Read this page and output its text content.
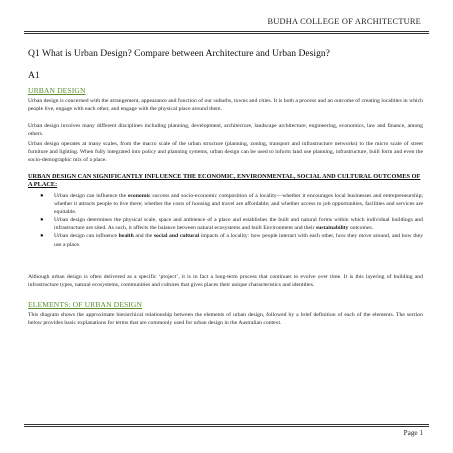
BUDHA COLLEGE OF ARCHITECTURE
Q1 What is Urban Design? Compare between Architecture and Urban Design?
A1
URBAN DESIGN
Urban design is concerned with the arrangement, appearance and function of our suburbs, towns and cities. It is both a process and an outcome of creating localities in which people live, engage with each other, and engage with the physical place around them.
Urban design involves many different disciplines including planning, development, architecture, landscape architecture, engineering, economics, law and finance, among others.
Urban design operates at many scales, from the macro scale of the urban structure (planning, zoning, transport and infrastructure networks) to the micro scale of street furniture and lighting. When fully integrated into policy and planning systems, urban design can be used to inform land use planning, infrastructure, built form and even the socio-demographic mix of a place.
URBAN DESIGN CAN SIGNIFICANTLY INFLUENCE THE ECONOMIC, ENVIRONMENTAL, SOCIAL AND CULTURAL OUTCOMES OF A PLACE:
● Urban design can influence the economic success and socio-economic composition of a locality—whether it encourages local businesses and entrepreneurship; whether it attracts people to live there; whether the costs of housing and travel are affordable; and whether access to job opportunities, facilities and services are equitable.
● Urban design determines the physical scale, space and ambience of a place and establishes the built and natural forms within which individual buildings and infrastructure are sited. As such, it affects the balance between natural ecosystems and built Environment and their sustainability outcomes.
● Urban design can influence health and the social and cultural impacts of a locality: how people interact with each other, how they move around, and how they use a place.
Although urban design is often delivered as a specific ‘project’, it is in fact a long-term process that continues to evolve over time. It is this layering of building and infrastructure types, natural ecosystems, communities and cultures that gives places their unique characteristics and identities.
ELEMENTS: OF URBAN DESIGN
This diagram shows the approximate hierarchical relationship between the elements of urban design, followed by a brief definition of each of the elements. The section below provides basic explanations for terms that are commonly used for urban design in the Australian context.
Page 1
